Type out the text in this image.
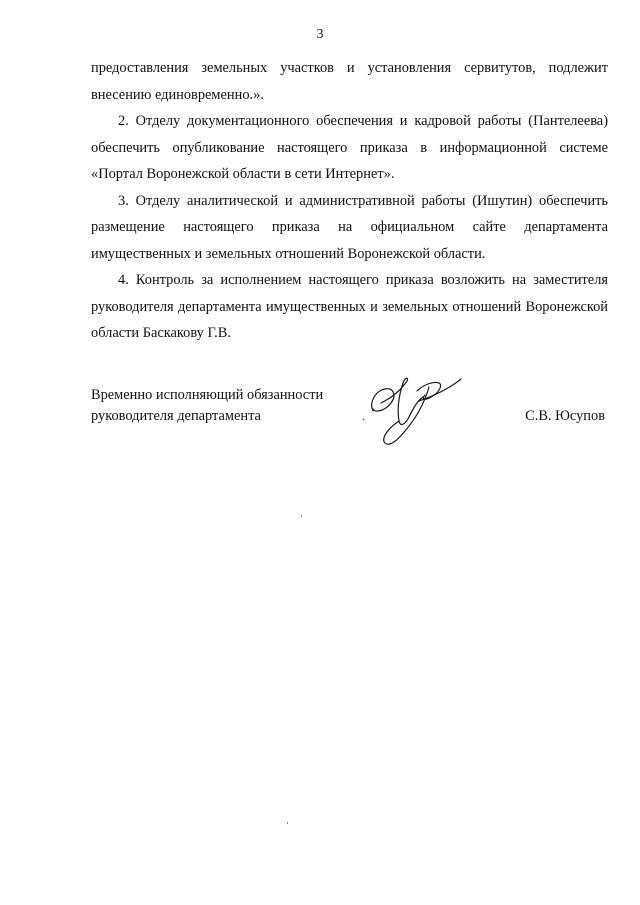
3

предоставления земельных участков и установления сервитутов, подлежит внесению единовременно.».

2. Отделу документационного обеспечения и кадровой работы (Пантелеева) обеспечить опубликование настоящего приказа в информационной системе «Портал Воронежской области в сети Интернет».

3. Отделу аналитической и административной работы (Ишутин) обеспечить размещение настоящего приказа на официальном сайте департамента имущественных и земельных отношений Воронежской области.

4. Контроль за исполнением настоящего приказа возложить на заместителя руководителя департамента имущественных и земельных отношений Воронежской области Баскакову Г.В.

Временно исполняющий обязанности
руководителя департамента	С.В. Юсупов
